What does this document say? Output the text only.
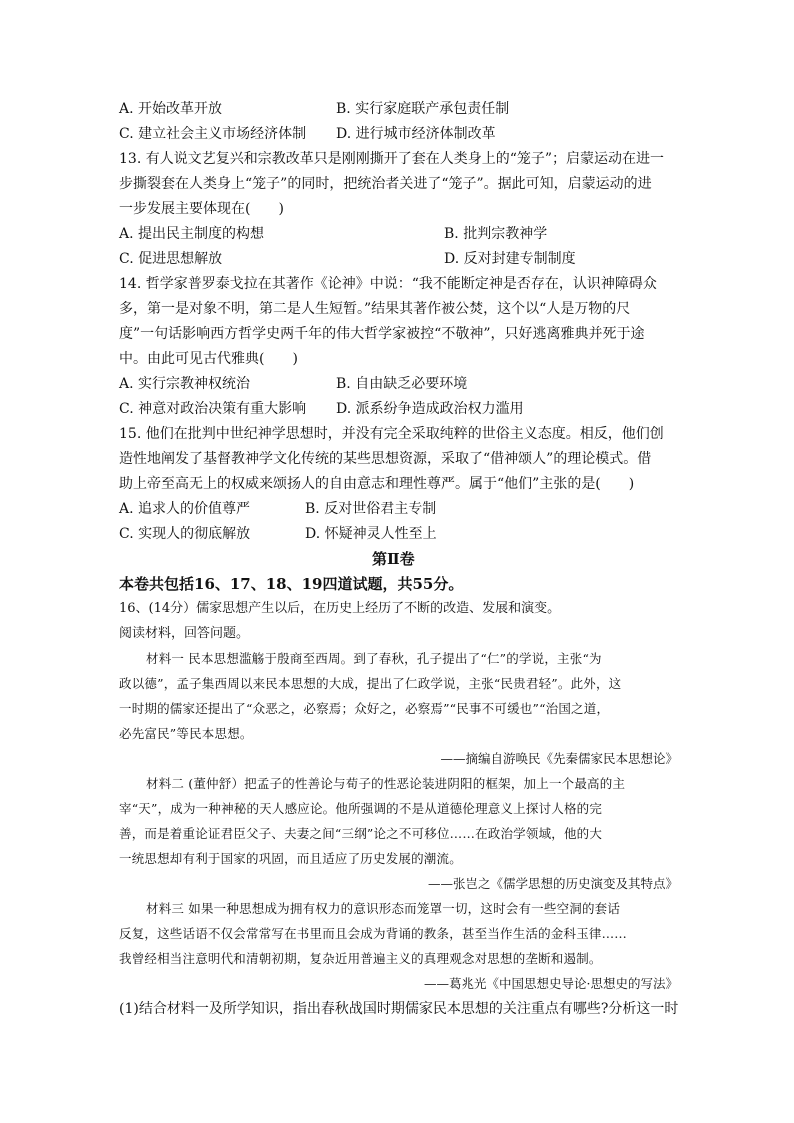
A. 开始改革开放	B. 实行家庭联产承包责任制
C. 建立社会主义市场经济体制 D. 进行城市经济体制改革
13. 有人说文艺复兴和宗教改革只是刚刚撕开了套在人类身上的“笼子”；启蒙运动在进一
步撕裂套在人类身上“笼子”的同时，把统治者关进了“笼子”。据此可知，启蒙运动的进
一步发展主要体现在(　　)
A. 提出民主制度的构想	B. 批判宗教神学
C. 促进思想解放	D. 反对封建专制制度
14. 哲学家普罗泰戈拉在其著作《论神》中说：“我不能断定神是否存在，认识神障碍众
多，第一是对象不明，第二是人生短暂。”结果其著作被公焚，这个以“人是万物的尺
度”一句话影响西方哲学史两千年的伟大哲学家被控“不敬神”，只好逃离雅典并死于途
中。由此可见古代雅典(　　)
A. 实行宗教神权统治	B. 自由缺乏必要环境
C. 神意对政治决策有重大影响 D. 派系纷争造成政治权力滥用
15. 他们在批判中世纪神学思想时，并没有完全采取纯粹的世俗主义态度。相反，他们创
造性地阐发了基督教神学文化传统的某些思想资源，采取了“借神颂人”的理论模式。借
助上帝至高无上的权威来颂扬人的自由意志和理性尊严。属于“他们”主张的是(　　)
A. 追求人的价值尊严	B. 反对世俗君主专制
C. 实现人的彻底解放	D. 怀疑神灵人性至上
第Ⅱ卷
本卷共包括16、17、18、19四道试题，共55分。
16、(14分）儒家思想产生以后，在历史上经历了不断的改造、发展和演变。
阅读材料，回答问题。
材料一 民本思想滥觞于殷商至西周。到了春秋，孔子提出了“仁”的学说，主张“为
政以德”，孟子集西周以来民本思想的大成，提出了仁政学说，主张“民贵君轻”。此外，这
一时期的儒家还提出了“众恶之，必察焉；众好之，必察焉”“民事不可缓也”“治国之道，
必先富民”等民本思想。
——摘编自游唤民《先秦儒家民本思想论》
材料二 (董仲舒）把孟子的性善论与荀子的性恶论装进阴阳的框架，加上一个最高的主
宰“天”，成为一种神秘的天人感应论。他所强调的不是从道德伦理意义上探讨人格的完
善，而是着重论证君臣父子、夫妻之间“三纲”论之不可移位……在政治学领域，他的大
一统思想却有利于国家的巩固，而且适应了历史发展的潮流。
——张岂之《儒学思想的历史演变及其特点》
材料三 如果一种思想成为拥有权力的意识形态而笼罩一切，这时会有一些空洞的套话
反复，这些话语不仅会常常写在书里而且会成为背诵的教条，甚至当作生活的金科玉律……
我曾经相当注意明代和清朝初期，复杂近用普遍主义的真理观念对思想的垄断和遏制。
——葛兆光《中国思想史导论·思想史的写法》
(1)结合材料一及所学知识，指出春秋战国时期儒家民本思想的关注重点有哪些?分析这一时
